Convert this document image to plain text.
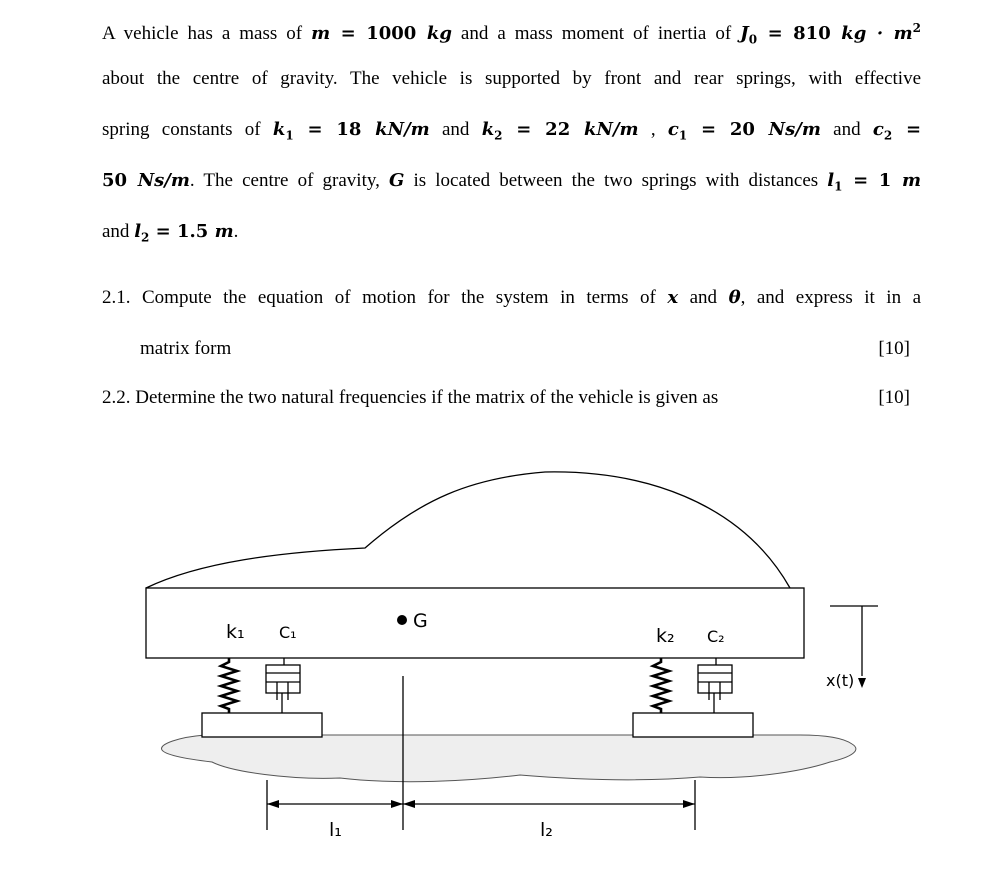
A vehicle has a mass of m = 1000 kg and a mass moment of inertia of $J_0 = 810$ kg · $m^2$
about the centre of gravity. The vehicle is supported by front and rear springs, with effective
spring constants of $k_1 = 18$ kN/m and $k_2 = 22$ kN/m , $c_1 = 20$ Ns/m and $c_2$ =
50 Ns/m. The centre of gravity, G is located between the two springs with distances $l_1 = 1$ m
and $l_2 = 1.5$ m.
2.1. Compute the equation of motion for the system in terms of x and θ, and express it in a
matrix form	[10]
2.2. Determine the two natural frequencies if the matrix of the vehicle is given as	[10]
G
k₁ C₁	k₂ C₂
x(t)
l₁	l₂
